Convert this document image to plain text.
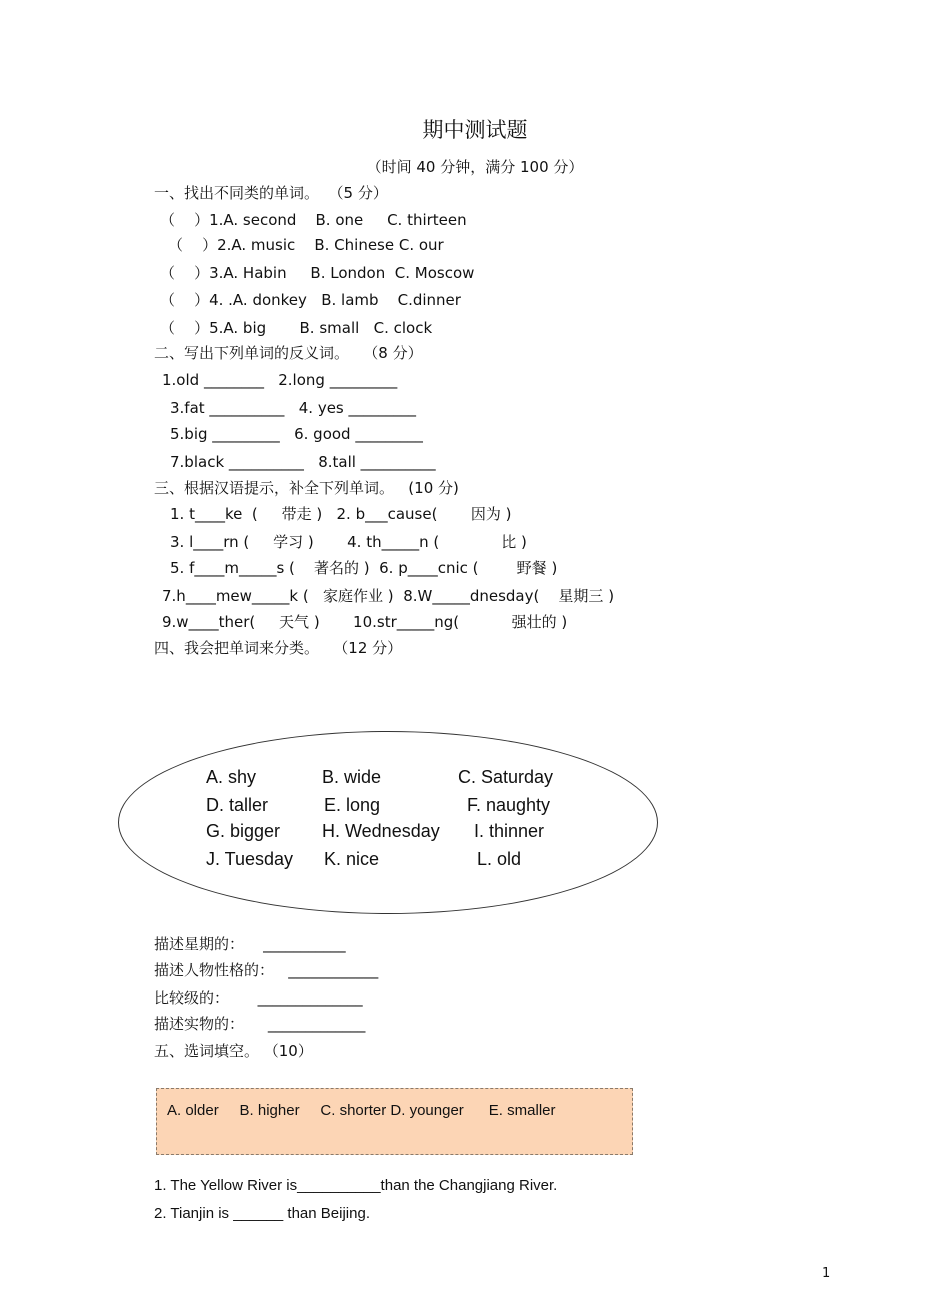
期中测试题
（时间 40 分钟，满分 100 分）
一、找出不同类的单词。  （5 分）
（    ）1.A. second    B. one     C. thirteen
（    ）2.A. music    B. Chinese C. our
（    ）3.A. Habin     B. London  C. Moscow
（    ）4. .A. donkey   B. lamb    C.dinner
（    ）5.A. big       B. small   C. clock
二、写出下列单词的反义词。   （8 分）
1.old ________   2.long _________
3.fat __________   4. yes _________
5.big _________   6. good _________
7.black __________   8.tall __________
三、根据汉语提示，补全下列单词。   (10 分)
1. t____ke  (     带走 )   2. b___cause(       因为 )
3. l____rn (     学习 )       4. th_____n (             比 )
5. f____m_____s (    著名的 )  6. p____cnic (        野餐 )
7.h____mew_____k (   家庭作业 )  8.W_____dnesday(    星期三 )
9.w____ther(     天气 )       10.str_____ng(           强壮的 )
四、我会把单词来分类。   （12 分）
A. shy	B. wide	C. Saturday
D. taller	E. long	F. naughty
G. bigger H. Wednesday I. thinner
J. Tuesday K. nice	L. old
描述星期的：    ___________
描述人物性格的：   ____________
比较级的：      ______________
描述实物的：     _____________
五、选词填空。 （10）
A. older     B. higher     C. shorter D. younger      E. smaller
1. The Yellow River is__________than the Changjiang River.
2. Tianjin is ______ than Beijing.
1
